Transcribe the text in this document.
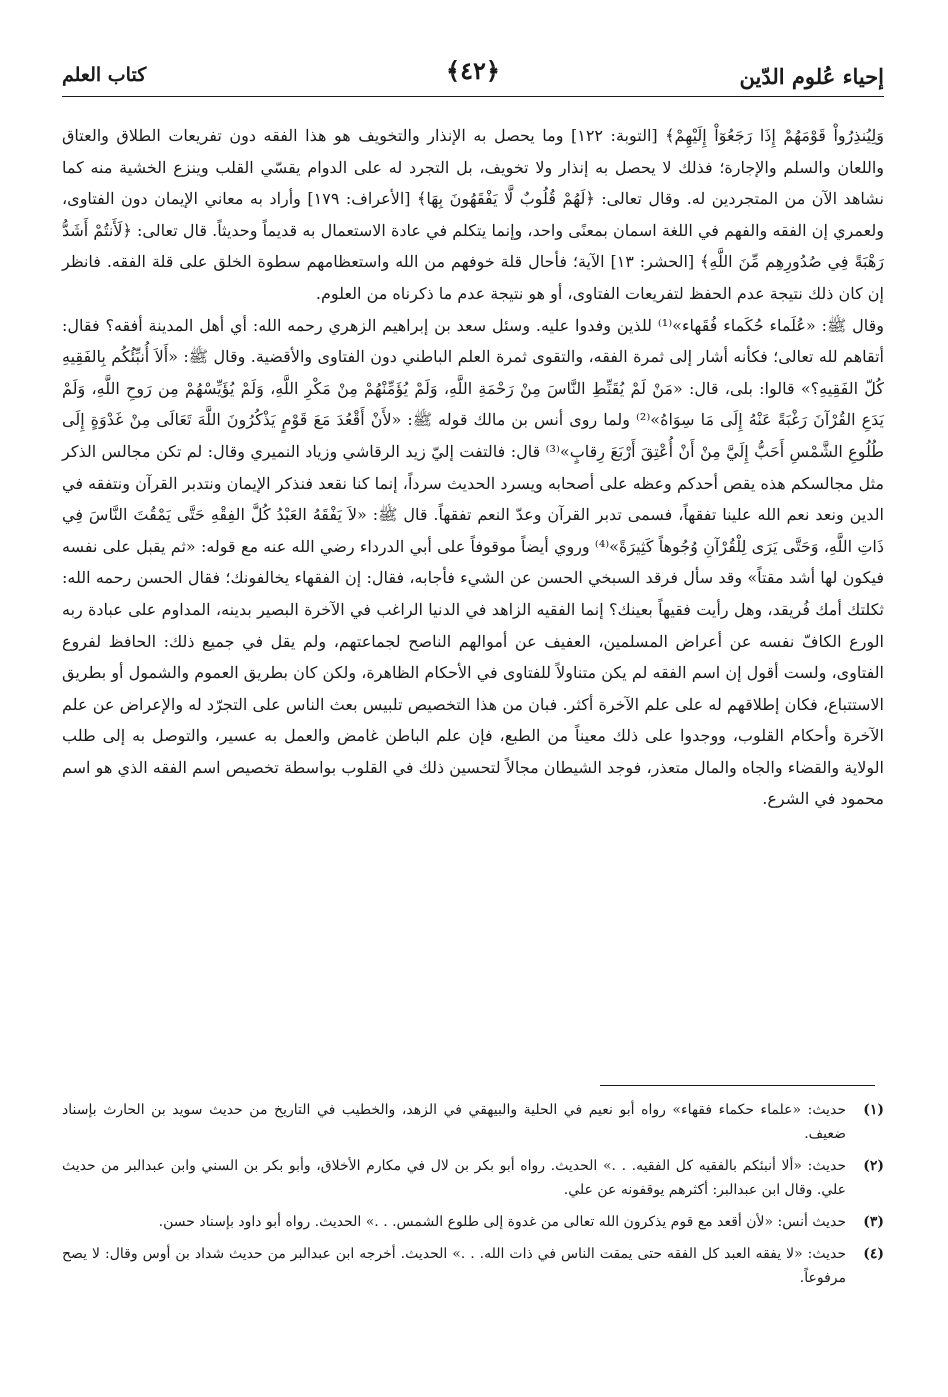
إحياء عُلوم الدّين
﴿٤٢﴾
كتاب العلم

وَلِيُنذِرُواْ قَوْمَهُمْ إِذَا رَجَعُوٓاْ إِلَيْهِمْ﴾ [التوبة: ١٢٢] وما يحصل به الإنذار والتخويف هو هذا الفقه دون تفريعات الطلاق والعتاق واللعان والسلم والإجارة؛ فذلك لا يحصل به إنذار ولا تخويف، بل التجرد له على الدوام يقسّي القلب وينزع الخشية منه كما نشاهد الآن من المتجردين له. وقال تعالى: ﴿لَهُمْ قُلُوبٌ لَّا يَفْقَهُونَ بِهَا﴾ [الأعراف: ١٧٩] وأراد به معاني الإيمان دون الفتاوى، ولعمري إن الفقه والفهم في اللغة اسمان بمعنًى واحد، وإنما يتكلم في عادة الاستعمال به قديماً وحديثاً. قال تعالى: ﴿لَأَنتُمْ أَشَدُّ رَهْبَةً فِي صُدُورِهِم مِّنَ اللَّهِ﴾ [الحشر: ١٣] الآية؛ فأحال قلة خوفهم من الله واستعظامهم سطوة الخلق على قلة الفقه. فانظر إن كان ذلك نتيجة عدم الحفظ لتفريعات الفتاوى، أو هو نتيجة عدم ما ذكرناه من العلوم.

وقال ﷺ: «عُلَماء حُكَماء فُقَهاء»⁽¹⁾ للذين وفدوا عليه. وسئل سعد بن إبراهيم الزهري رحمه الله: أي أهل المدينة أفقه؟ فقال: أتقاهم لله تعالى؛ فكأنه أشار إلى ثمرة الفقه، والتقوى ثمرة العلم الباطني دون الفتاوى والأقضية. وقال ﷺ: «أَلاَ أُنبِّئُكُم بِالفَقِيهِ كُلّ الفَقِيهِ؟» قالوا: بلى، قال: «مَنْ لَمْ يُقَنِّطِ النَّاسَ مِنْ رَحْمَةِ اللَّهِ، وَلَمْ يُؤَمِّنْهُمْ مِنْ مَكْرِ اللَّهِ، وَلَمْ يُؤَيِّسْهُمْ مِن رَوحِ اللَّهِ، وَلَمْ يَدَعِ القُرْآنَ رَغْبَةً عَنْهُ إِلَى مَا سِوَاهُ»⁽²⁾ ولما روى أنس بن مالك قوله ﷺ: «لأَنْ أَقْعُدَ مَعَ قَوْمٍ يَذْكُرُونَ اللَّهَ تَعَالَى مِنْ غَدْوَةٍ إِلَى طُلُوعِ الشَّمْسِ أَحَبُّ إِلَيَّ مِنْ أَنْ أُعْتِقَ أَرْبَعَ رِقابٍ»⁽³⁾ قال: فالتفت إليّ زيد الرقاشي وزياد النميري وقال: لم تكن مجالس الذكر مثل مجالسكم هذه يقص أحدكم وعظه على أصحابه ويسرد الحديث سرداً، إنما كنا نقعد فنذكر الإيمان ونتدبر القرآن ونتفقه في الدين ونعد نعم الله علينا تفقهاً، فسمى تدبر القرآن وعدّ النعم تفقهاً. قال ﷺ: «لاَ يَفْقَهُ العَبْدُ كُلَّ الفِقْهِ حَتَّى يَمْقُتَ النَّاسَ فِي ذَاتِ اللَّهِ، وَحَتَّى يَرَى لِلْقُرْآنِ وُجُوهاً كَثِيرَةً»⁽⁴⁾ وروي أيضاً موقوفاً على أبي الدرداء رضي الله عنه مع قوله: «ثم يقبل على نفسه فيكون لها أشد مقتاً» وقد سأل فرقد السبخي الحسن عن الشيء فأجابه، فقال: إن الفقهاء يخالفونك؛ فقال الحسن رحمه الله: ثكلتك أمك فُريقد، وهل رأيت فقيهاً بعينك؟ إنما الفقيه الزاهد في الدنيا الراغب في الآخرة البصير بدينه، المداوم على عبادة ربه الورع الكافّ نفسه عن أعراض المسلمين، العفيف عن أموالهم الناصح لجماعتهم، ولم يقل في جميع ذلك: الحافظ لفروع الفتاوى، ولست أقول إن اسم الفقه لم يكن متناولاً للفتاوى في الأحكام الظاهرة، ولكن كان بطريق العموم والشمول أو بطريق الاستتباع، فكان إطلاقهم له على علم الآخرة أكثر. فبان من هذا التخصيص تلبيس بعث الناس على التجرّد له والإعراض عن علم الآخرة وأحكام القلوب، ووجدوا على ذلك معيناً من الطبع، فإن علم الباطن غامض والعمل به عسير، والتوصل به إلى طلب الولاية والقضاء والجاه والمال متعذر، فوجد الشيطان مجالاً لتحسين ذلك في القلوب بواسطة تخصيص اسم الفقه الذي هو اسم محمود في الشرع.

(١)
حديث: «علماء حكماء فقهاء» رواه أبو نعيم في الحلية والبيهقي في الزهد، والخطيب في التاريخ من حديث سويد بن الحارث بإسناد ضعيف.
(٢)
حديث: «ألا أنبئكم بالفقيه كل الفقيه. . .» الحديث. رواه أبو بكر بن لال في مكارم الأخلاق، وأبو بكر بن السني وابن عبدالبر من حديث علي. وقال ابن عبدالبر: أكثرهم يوقفونه عن علي.
(٣)
حديث أنس: «لأن أقعد مع قوم يذكرون الله تعالى من غدوة إلى طلوع الشمس. . .» الحديث. رواه أبو داود بإسناد حسن.
(٤)
حديث: «لا يفقه العبد كل الفقه حتى يمقت الناس في ذات الله. . .» الحديث. أخرجه ابن عبدالبر من حديث شداد بن أوس وقال: لا يصح مرفوعاً.
